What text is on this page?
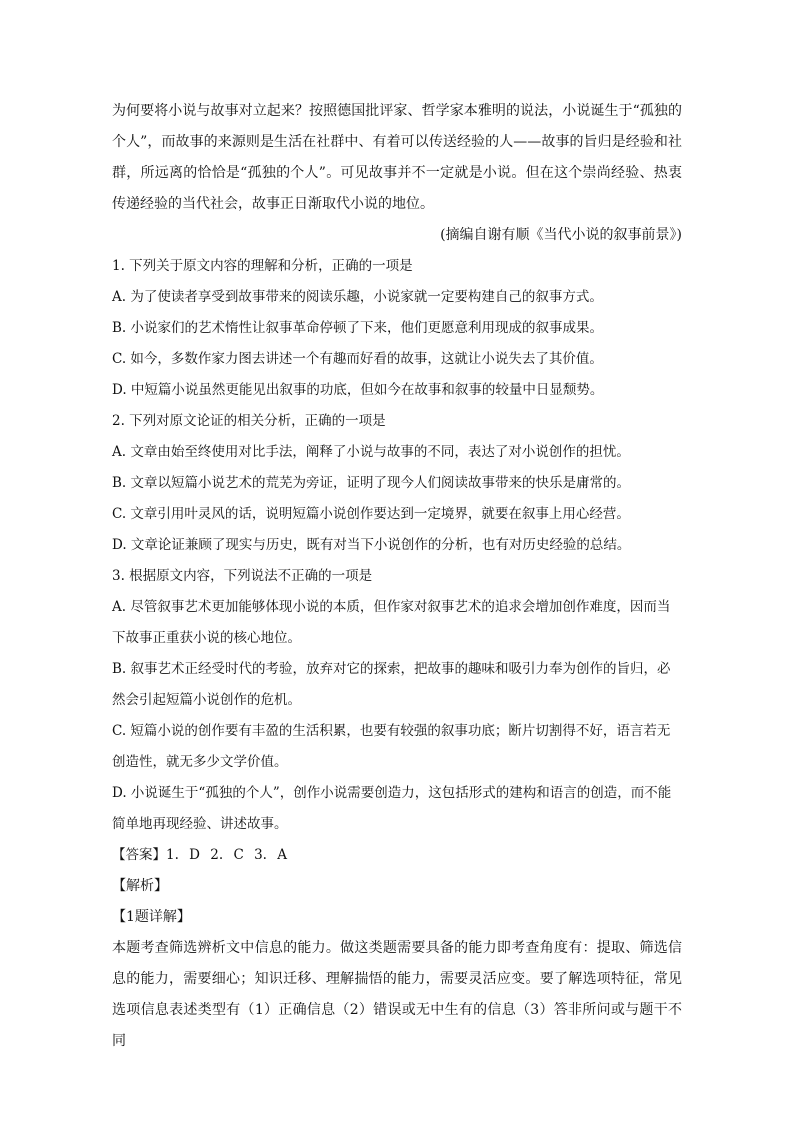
为何要将小说与故事对立起来？按照德国批评家、哲学家本雅明的说法，小说诞生于“孤独的个人”，而故事的来源则是生活在社群中、有着可以传送经验的人——故事的旨归是经验和社群，所远离的恰恰是“孤独的个人”。可见故事并不一定就是小说。但在这个崇尚经验、热衷传递经验的当代社会，故事正日渐取代小说的地位。

(摘编自谢有顺《当代小说的叙事前景》)

1. 下列关于原文内容的理解和分析，正确的一项是

A. 为了使读者享受到故事带来的阅读乐趣，小说家就一定要构建自己的叙事方式。

B. 小说家们的艺术惰性让叙事革命停顿了下来，他们更愿意利用现成的叙事成果。

C. 如今，多数作家力图去讲述一个有趣而好看的故事，这就让小说失去了其价值。

D. 中短篇小说虽然更能见出叙事的功底，但如今在故事和叙事的较量中日显颓势。

2. 下列对原文论证的相关分析，正确的一项是

A. 文章由始至终使用对比手法，阐释了小说与故事的不同，表达了对小说创作的担忧。

B. 文章以短篇小说艺术的荒芜为旁证，证明了现今人们阅读故事带来的快乐是庸常的。

C. 文章引用叶灵风的话，说明短篇小说创作要达到一定境界，就要在叙事上用心经营。

D. 文章论证兼顾了现实与历史，既有对当下小说创作的分析，也有对历史经验的总结。

3. 根据原文内容，下列说法不正确的一项是

A. 尽管叙事艺术更加能够体现小说的本质，但作家对叙事艺术的追求会增加创作难度，因而当下故事正重获小说的核心地位。

B. 叙事艺术正经受时代的考验，放弃对它的探索，把故事的趣味和吸引力奉为创作的旨归，必然会引起短篇小说创作的危机。

C. 短篇小说的创作要有丰盈的生活积累，也要有较强的叙事功底；断片切割得不好，语言若无创造性，就无多少文学价值。

D. 小说诞生于“孤独的个人”，创作小说需要创造力，这包括形式的建构和语言的创造，而不能简单地再现经验、讲述故事。

【答案】1. D 2. C 3. A

【解析】

【1题详解】

本题考查筛选辨析文中信息的能力。做这类题需要具备的能力即考查角度有：提取、筛选信息的能力，需要细心；知识迁移、理解揣悟的能力，需要灵活应变。要了解选项特征，常见选项信息表述类型有（1）正确信息（2）错误或无中生有的信息（3）答非所问或与题干不同
